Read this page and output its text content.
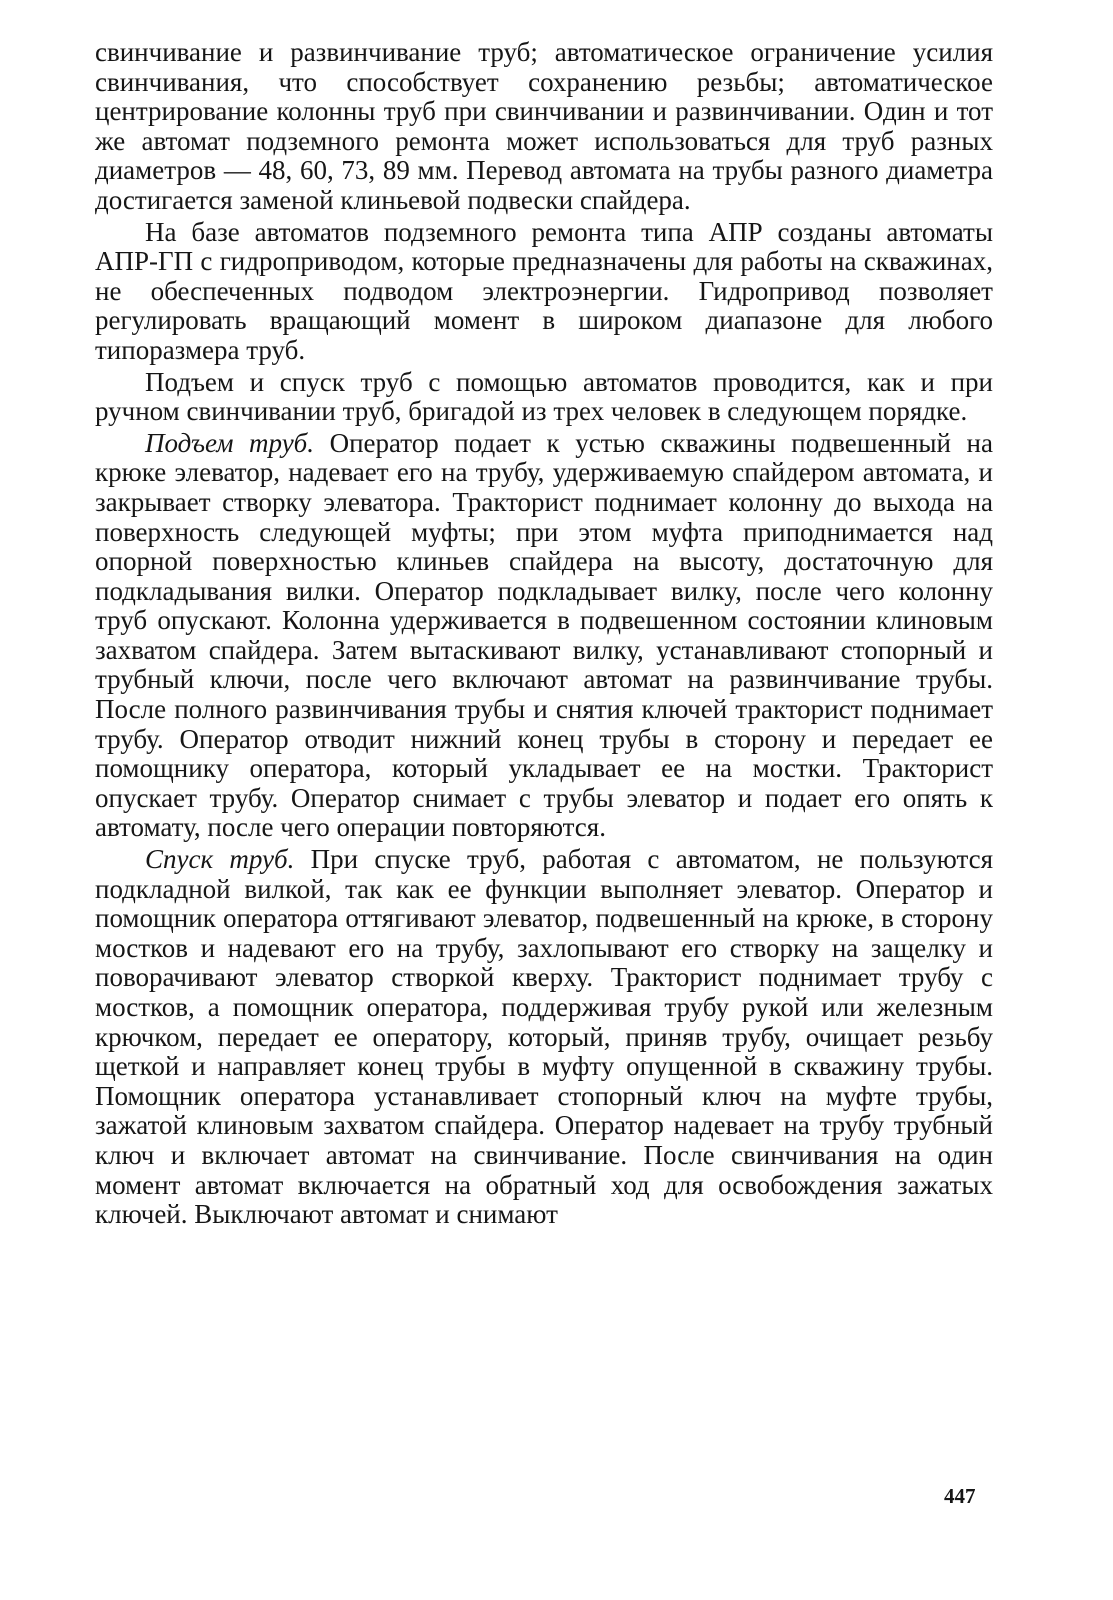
свинчивание и развинчивание труб; автоматическое ограничение усилия свинчивания, что способствует сохранению резьбы; автоматическое центрирование колонны труб при свинчивании и развинчивании. Один и тот же автомат подземного ремонта может использоваться для труб разных диаметров — 48, 60, 73, 89 мм. Перевод автомата на трубы разного диаметра достигается заменой клиньевой подвески спайдера.

На базе автоматов подземного ремонта типа АПР созданы автоматы АПР-ГП с гидроприводом, которые предназначены для работы на скважинах, не обеспеченных подводом электроэнергии. Гидропривод позволяет регулировать вращающий момент в широком диапазоне для любого типоразмера труб.

Подъем и спуск труб с помощью автоматов проводится, как и при ручном свинчивании труб, бригадой из трех человек в следующем порядке.

Подъем труб. Оператор подает к устью скважины подвешенный на крюке элеватор, надевает его на трубу, удерживаемую спайдером автомата, и закрывает створку элеватора. Тракторист поднимает колонну до выхода на поверхность следующей муфты; при этом муфта приподнимается над опорной поверхностью клиньев спайдера на высоту, достаточную для подкладывания вилки. Оператор подкладывает вилку, после чего колонну труб опускают. Колонна удерживается в подвешенном состоянии клиновым захватом спайдера. Затем вытаскивают вилку, устанавливают стопорный и трубный ключи, после чего включают автомат на развинчивание трубы. После полного развинчивания трубы и снятия ключей тракторист поднимает трубу. Оператор отводит нижний конец трубы в сторону и передает ее помощнику оператора, который укладывает ее на мостки. Тракторист опускает трубу. Оператор снимает с трубы элеватор и подает его опять к автомату, после чего операции повторяются.

Спуск труб. При спуске труб, работая с автоматом, не пользуются подкладной вилкой, так как ее функции выполняет элеватор. Оператор и помощник оператора оттягивают элеватор, подвешенный на крюке, в сторону мостков и надевают его на трубу, захлопывают его створку на защелку и поворачивают элеватор створкой кверху. Тракторист поднимает трубу с мостков, а помощник оператора, поддерживая трубу рукой или железным крючком, передает ее оператору, который, приняв трубу, очищает резьбу щеткой и направляет конец трубы в муфту опущенной в скважину трубы. Помощник оператора устанавливает стопорный ключ на муфте трубы, зажатой клиновым захватом спайдера. Оператор надевает на трубу трубный ключ и включает автомат на свинчивание. После свинчивания на один момент автомат включается на обратный ход для освобождения зажатых ключей. Выключают автомат и снимают

447
